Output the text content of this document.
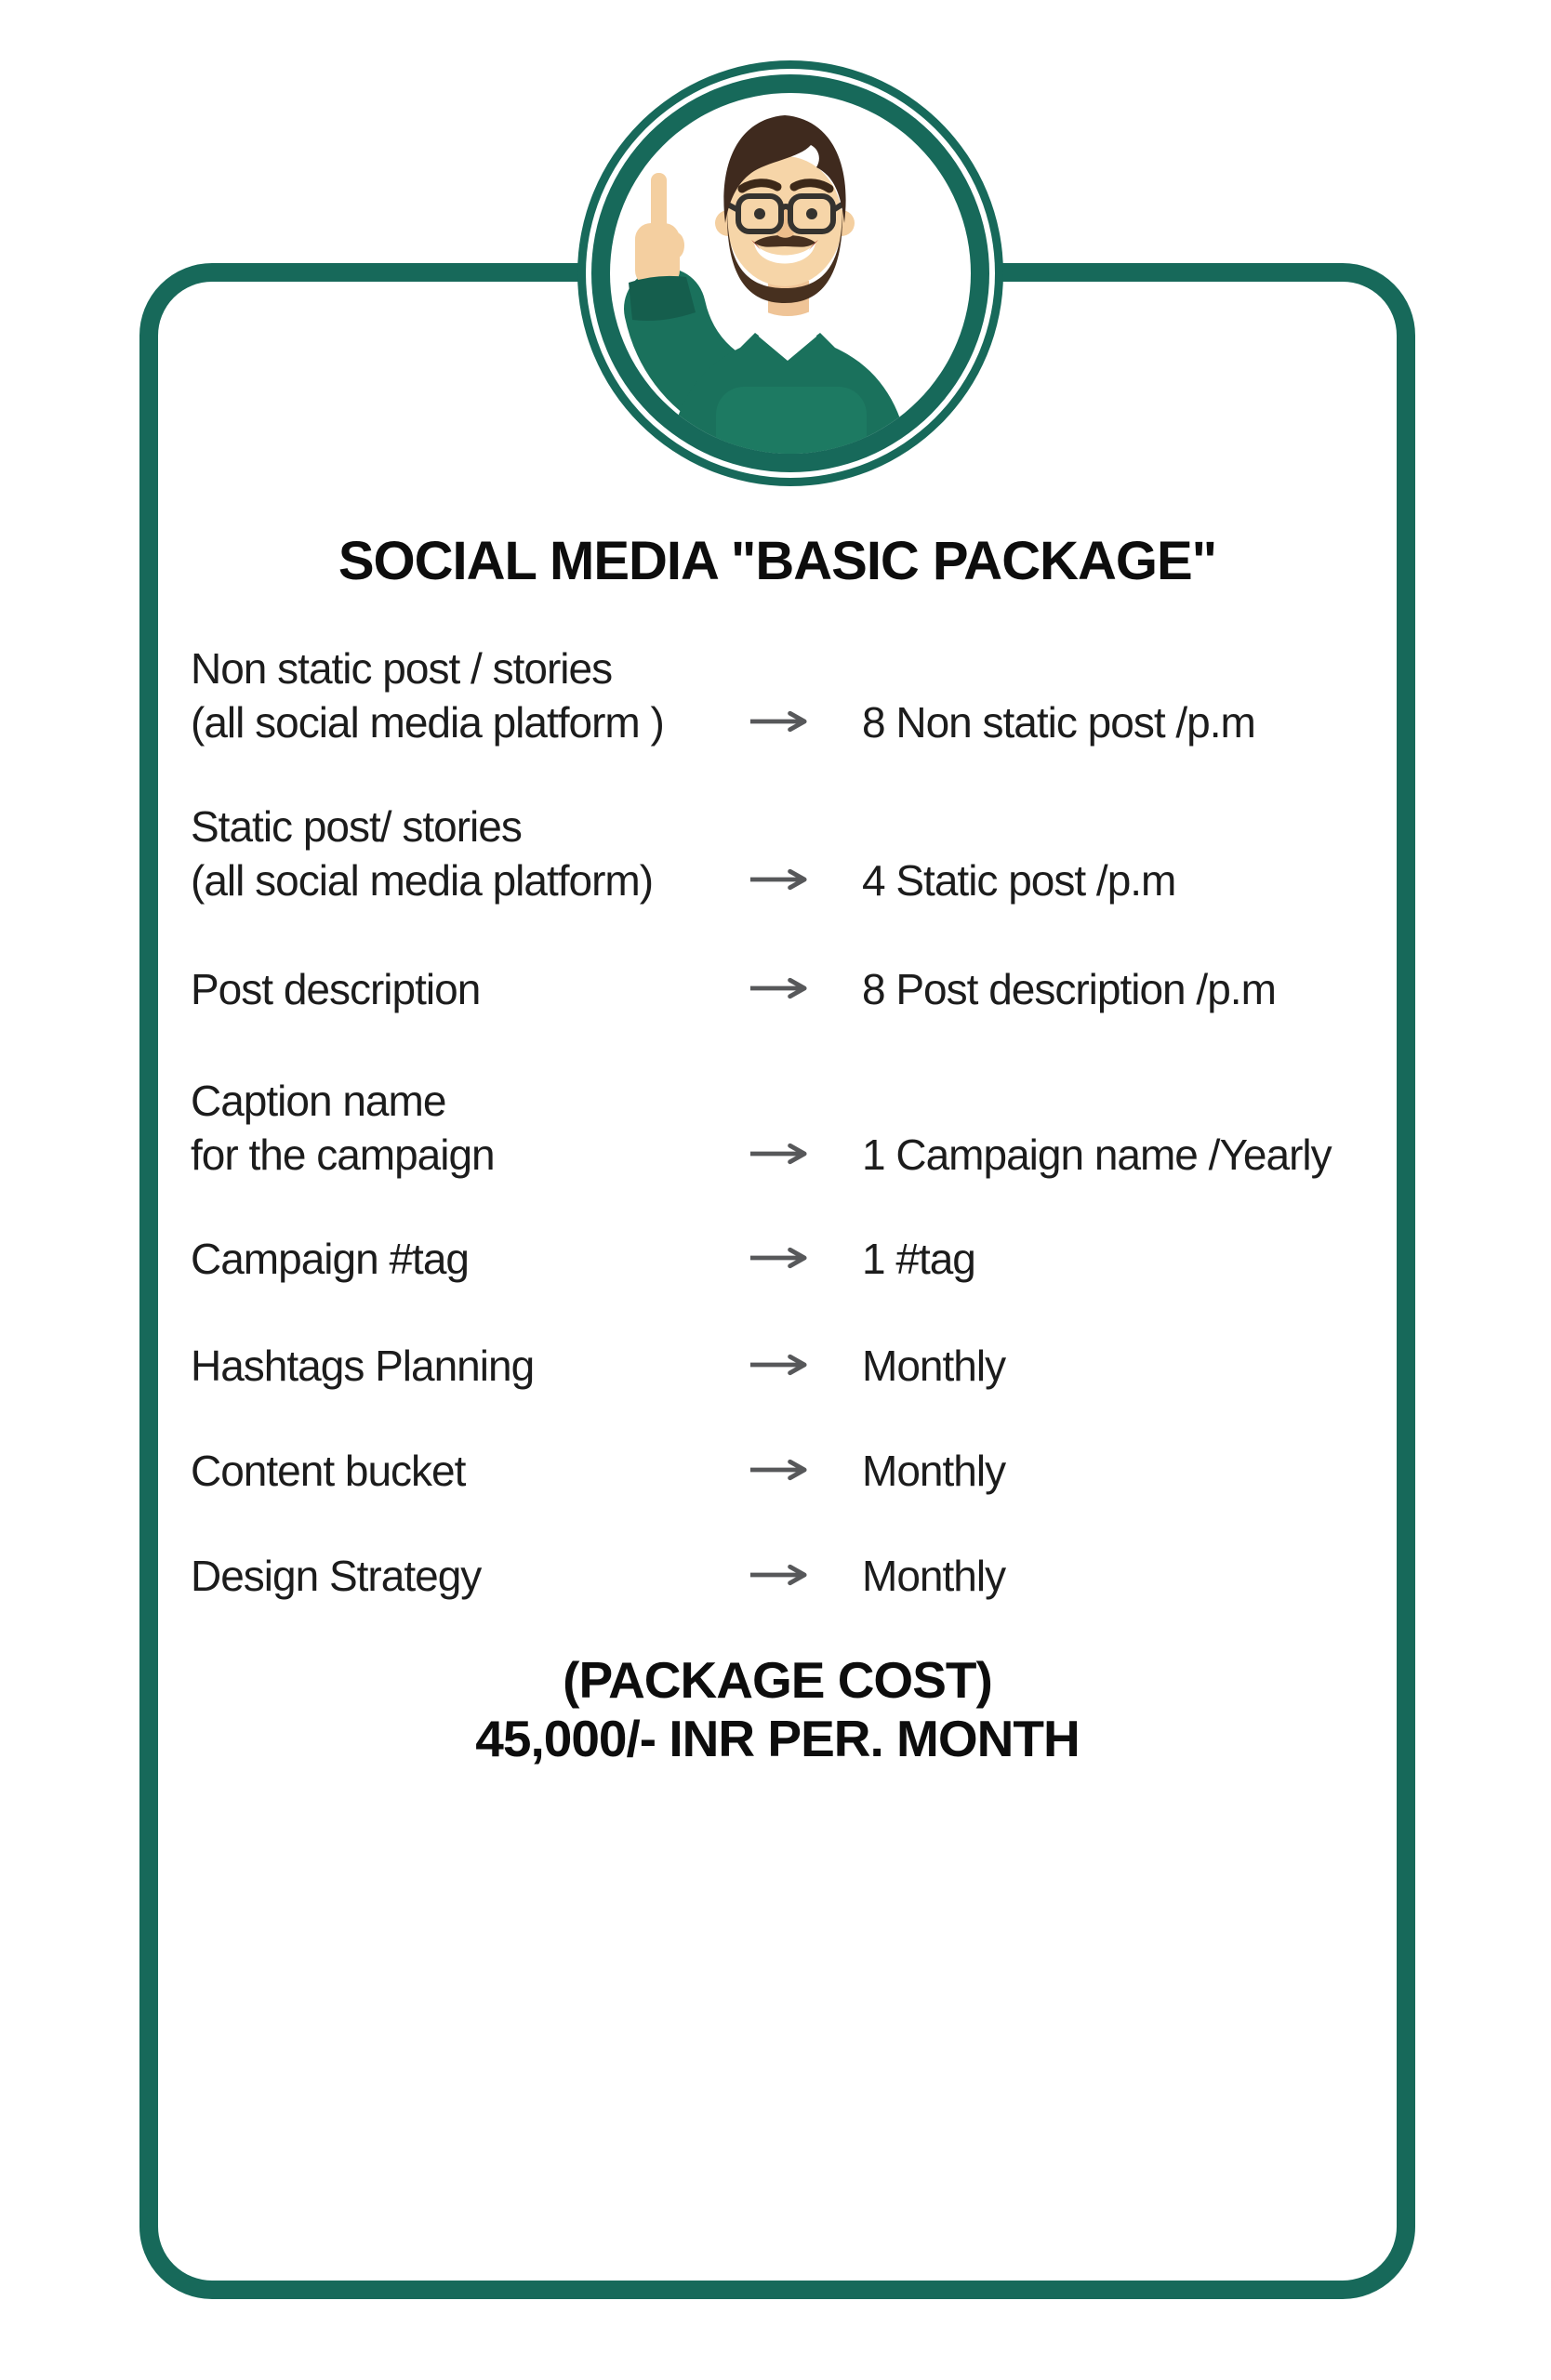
SOCIAL MEDIA "BASIC PACKAGE"
Non static post / stories
(all social media platform )	8 Non static post /p.m
Static post/ stories
(all social media platform)	4 Static post /p.m
Post description	8 Post description /p.m
Caption name
for the campaign	1 Campaign name /Yearly
Campaign #tag	1 #tag
Hashtags Planning	Monthly
Content bucket	Monthly
Design Strategy	Monthly
(PACKAGE COST)
45,000/- INR PER. MONTH
